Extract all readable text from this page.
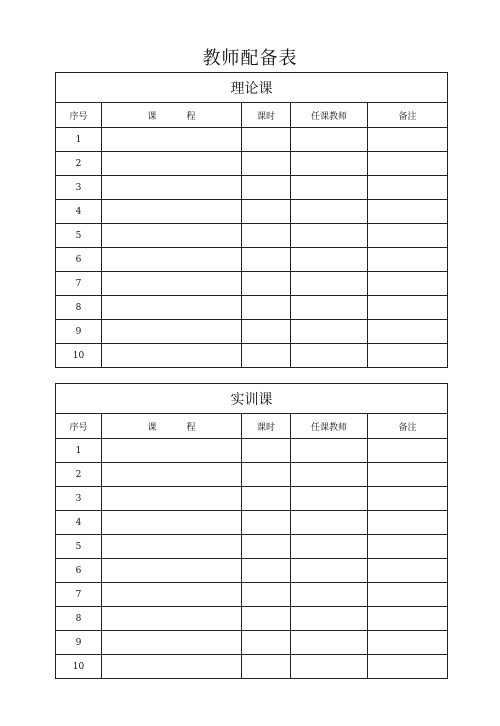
教师配备表
理论课				
序号	课 程	课时	任课教师	备注
1				
2				
3				
4				
5				
6				
7				
8				
9				
10				
实训课				
序号	课 程	课时	任课教师	备注
1				
2				
3				
4				
5				
6				
7				
8				
9				
10				
